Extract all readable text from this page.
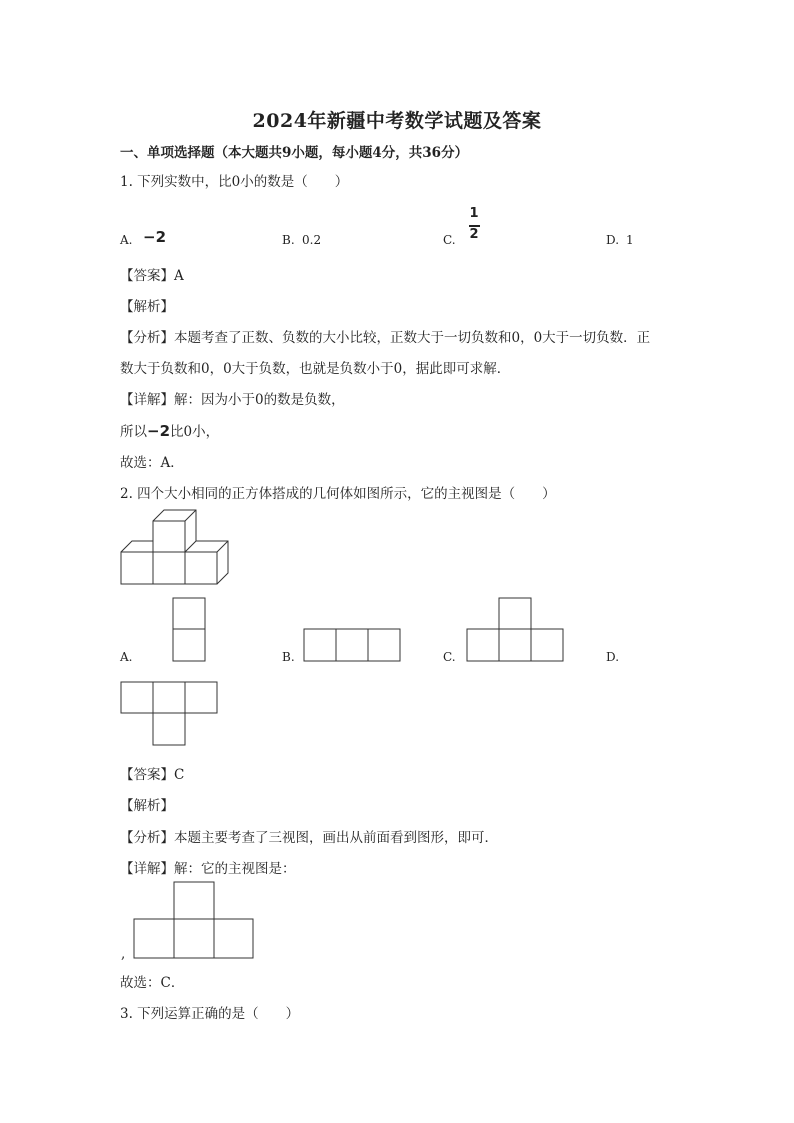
2024年新疆中考数学试题及答案
一、单项选择题（本大题共9小题，每小题4分，共36分）
1. 下列实数中，比0小的数是（　　）
A. −2	B. 0.2	C.
1
2	D. 1
【答案】A
【解析】
【分析】本题考查了正数、负数的大小比较，正数大于一切负数和0，0大于一切负数．正
数大于负数和0，0大于负数，也就是负数小于0，据此即可求解．
【详解】解：因为小于0的数是负数，
所以−2比0小，
故选：A．
2. 四个大小相同的正方体搭成的几何体如图所示，它的主视图是（　　）
A.	B.	C.	D.
【答案】C
【解析】
【分析】本题主要考查了三视图，画出从前面看到图形，即可．
【详解】解：它的主视图是：
,
故选：C．
3. 下列运算正确的是（　　）
